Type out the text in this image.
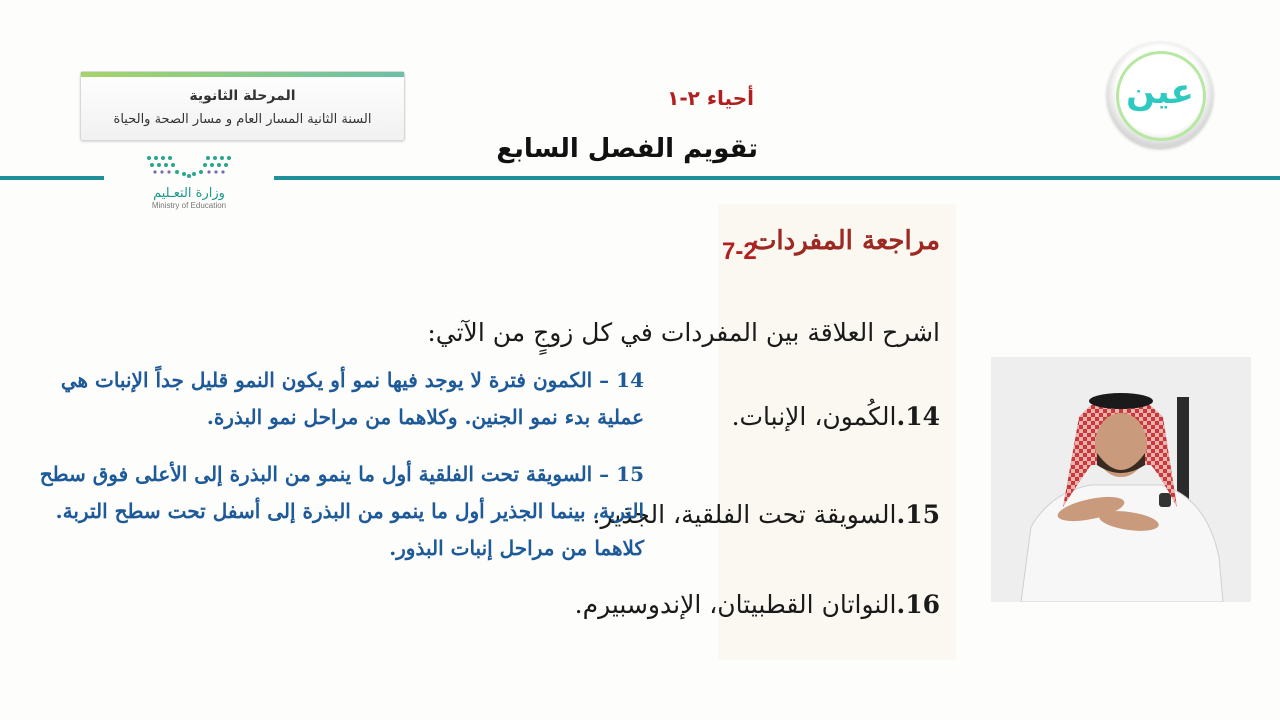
المرحلة الثانوية
السنة الثانية المسار العام و مسار الصحة والحياة
وزارة التعـليم
Ministry of Education
أحياء ٢-١
تقويم الفصل السابع
عين
مراجعة المفردات
7-2
اشرح العلاقة بين المفردات في كل زوجٍ من الآتي:
14.الكُمون، الإنبات.
15.السويقة تحت الفلقية، الجذير.
16.النواتان القطبيتان، الإندوسبيرم.
14 – الكمون فترة لا يوجد فيها نمو أو يكون النمو قليل جداً الإنبات هي عملية بدء نمو الجنين. وكلاهما من مراحل نمو البذرة.
15 – السويقة تحت الفلقية أول ما ينمو من البذرة إلى الأعلى فوق سطح التربة، بينما الجذير أول ما ينمو من البذرة إلى أسفل تحت سطح التربة. كلاهما من مراحل إنبات البذور.
